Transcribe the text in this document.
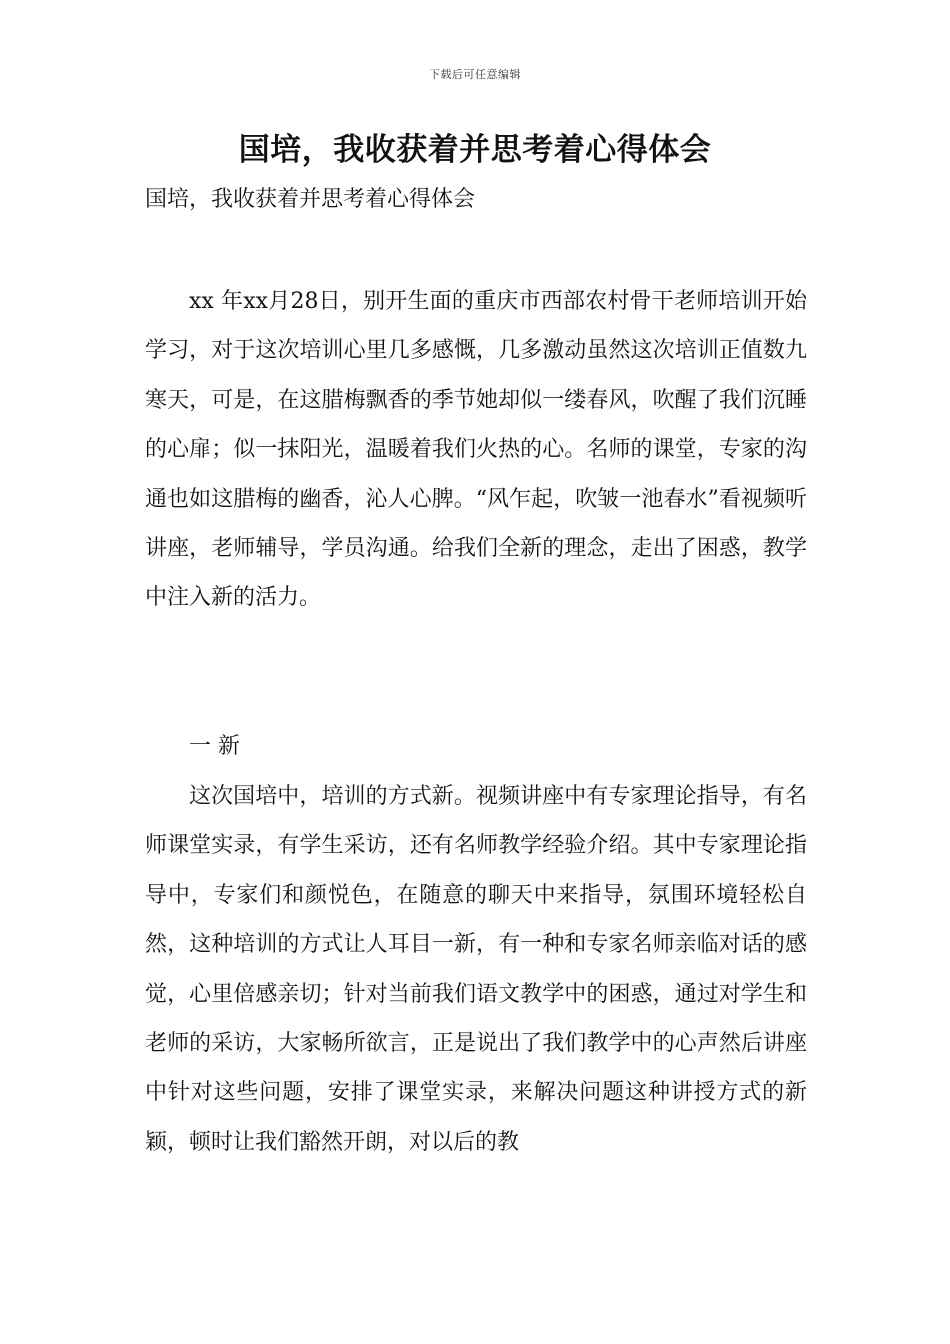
下载后可任意编辑
国培，我收获着并思考着心得体会

国培，我收获着并思考着心得体会

xx 年xx月28日，别开生面的重庆市西部农村骨干老师培训开始学习，对于这次培训心里几多感慨，几多激动虽然这次培训正值数九寒天，可是，在这腊梅飘香的季节她却似一缕春风，吹醒了我们沉睡的心扉；似一抹阳光，温暖着我们火热的心。名师的课堂，专家的沟通也如这腊梅的幽香，沁人心脾。“风乍起，吹皱一池春水”看视频听讲座，老师辅导，学员沟通。给我们全新的理念，走出了困惑，教学中注入新的活力。

一 新

这次国培中，培训的方式新。视频讲座中有专家理论指导，有名师课堂实录，有学生采访，还有名师教学经验介绍。其中专家理论指导中，专家们和颜悦色，在随意的聊天中来指导，氛围环境轻松自然，这种培训的方式让人耳目一新，有一种和专家名师亲临对话的感觉，心里倍感亲切；针对当前我们语文教学中的困惑，通过对学生和老师的采访，大家畅所欲言，正是说出了我们教学中的心声然后讲座中针对这些问题，安排了课堂实录，来解决问题这种讲授方式的新颖，顿时让我们豁然开朗，对以后的教
